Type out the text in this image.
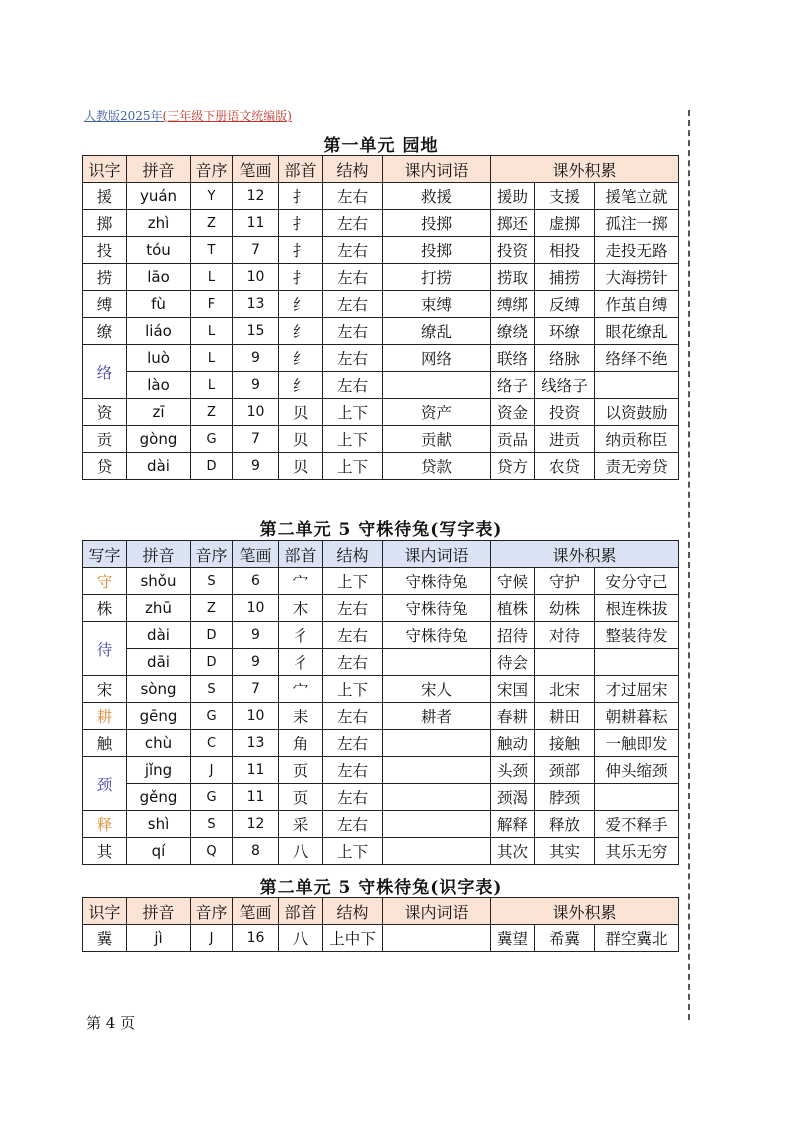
人教版2025年(三年级下册语文统编版)
第一单元 园地
识字	拼音	音序	笔画	部首	结构	课内词语	课外积累		
援	yuán	Y	12	扌	左右	救援	援助	支援	援笔立就
掷	zhì	Z	11	扌	左右	投掷	掷还	虚掷	孤注一掷
投	tóu	T	7	扌	左右	投掷	投资	相投	走投无路
捞	lāo	L	10	扌	左右	打捞	捞取	捕捞	大海捞针
缚	fù	F	13	纟	左右	束缚	缚绑	反缚	作茧自缚
缭	liáo	L	15	纟	左右	缭乱	缭绕	环缭	眼花缭乱
络	luò	L	9	纟	左右	网络	联络	络脉	络绎不绝
	lào	L	9	纟	左右		络子	线络子	
资	zī	Z	10	贝	上下	资产	资金	投资	以资鼓励
贡	gòng	G	7	贝	上下	贡献	贡品	进贡	纳贡称臣
贷	dài	D	9	贝	上下	贷款	贷方	农贷	责无旁贷
第二单元 5 守株待兔(写字表)
写字	拼音	音序	笔画	部首	结构	课内词语	课外积累		
守	shǒu	S	6	宀	上下	守株待兔	守候	守护	安分守己
株	zhū	Z	10	木	左右	守株待兔	植株	幼株	根连株拔
待	dài	D	9	彳	左右	守株待兔	招待	对待	整装待发
	dāi	D	9	彳	左右		待会		
宋	sòng	S	7	宀	上下	宋人	宋国	北宋	才过屈宋
耕	gēng	G	10	耒	左右	耕者	春耕	耕田	朝耕暮耘
触	chù	C	13	角	左右		触动	接触	一触即发
颈	jǐng	J	11	页	左右		头颈	颈部	伸头缩颈
	gěng	G	11	页	左右		颈渴	脖颈	
释	shì	S	12	采	左右		解释	释放	爱不释手
其	qí	Q	8	八	上下		其次	其实	其乐无穷
第二单元 5 守株待兔(识字表)
识字	拼音	音序	笔画	部首	结构	课内词语	课外积累		
冀	jì	J	16	八	上中下		冀望	希冀	群空冀北
第 4 页
